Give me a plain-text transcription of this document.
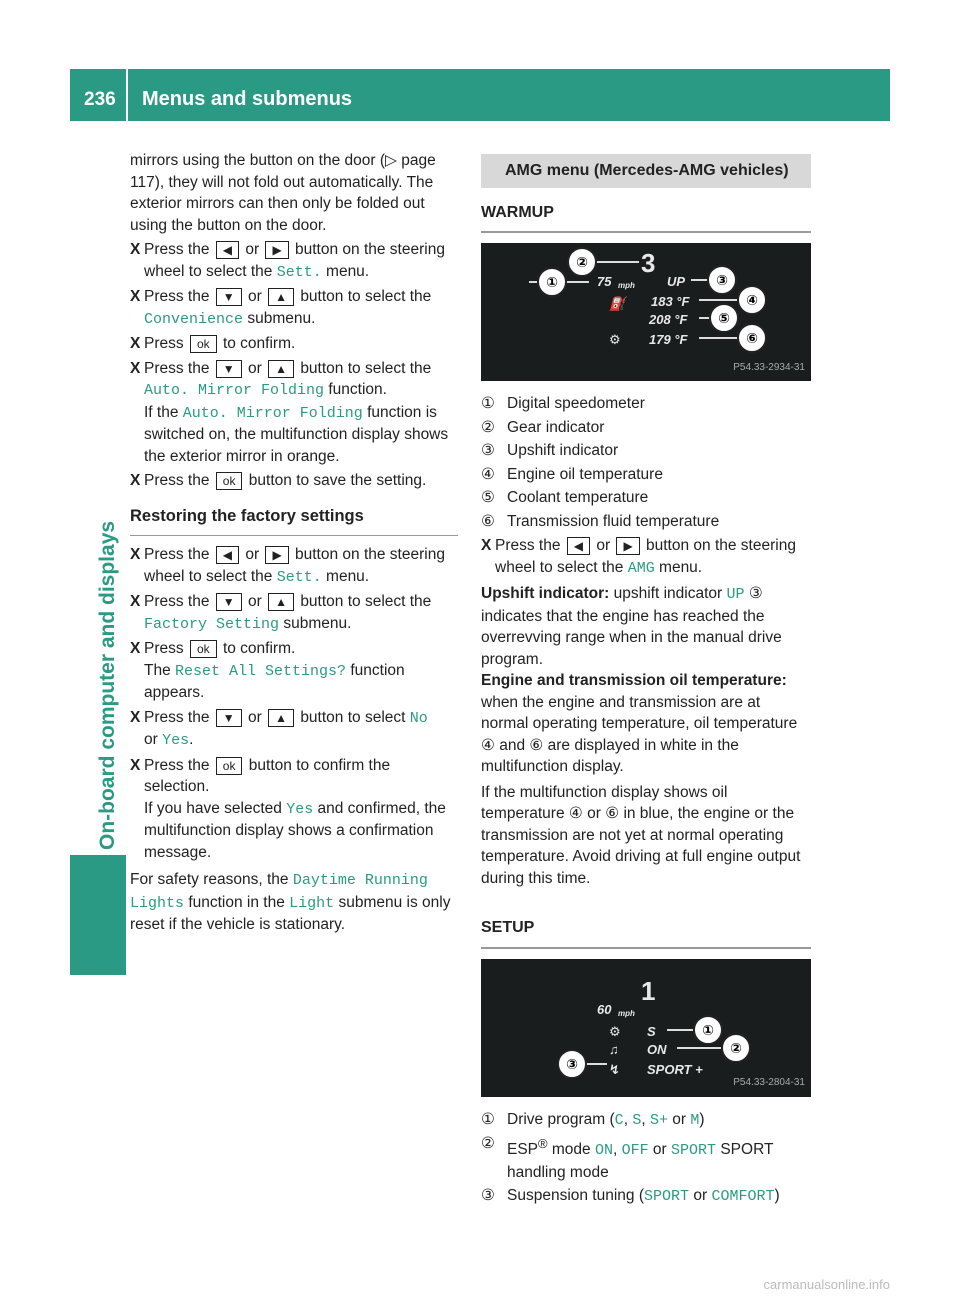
236 Menus and submenus
On-board computer and displays

mirrors using the button on the door (▷ page 117), they will not fold out automatically. The exterior mirrors can then only be folded out using the button on the door.

X Press the ◀ or ▶ button on the steering wheel to select the Sett. menu.
X Press the ▼ or ▲ button to select the Convenience submenu.
X Press ok to confirm.
X Press the ▼ or ▲ button to select the Auto. Mirror Folding function.
If the Auto. Mirror Folding function is switched on, the multifunction display shows the exterior mirror in orange.
X Press the ok button to save the setting.
Restoring the factory settings
X Press the ◀ or ▶ button on the steering wheel to select the Sett. menu.
X Press the ▼ or ▲ button to select the Factory Setting submenu.
X Press ok to confirm.
The Reset All Settings? function appears.
X Press the ▼ or ▲ button to select No
or Yes.
X Press the ok button to confirm the selection.
If you have selected Yes and confirmed, the multifunction display shows a confirmation message.

For safety reasons, the Daytime Running Lights function in the Light submenu is only reset if the vehicle is stationary.

AMG menu (Mercedes-AMG vehicles)
WARMUP
75 mph
3
UP
183 °F
208 °F
179 °F
⛽
⚙
①
②
③
④
⑤
⑥
P54.33-2934-31
① Digital speedometer
② Gear indicator
③ Upshift indicator
④ Engine oil temperature
⑤ Coolant temperature
⑥ Transmission fluid temperature
X Press the ◀ or ▶ button on the steering wheel to select the AMG menu.

Upshift indicator: upshift indicator UP ③ indicates that the engine has reached the overrevving range when in the manual drive program.

Engine and transmission oil temperature: when the engine and transmission are at normal operating temperature, oil temperature ④ and ⑥ are displayed in white in the multifunction display.

If the multifunction display shows oil temperature ④ or ⑥ in blue, the engine or the transmission are not yet at normal operating temperature. Avoid driving at full engine output during this time.

SETUP
60 mph
1
S
ON
SPORT +
⚙
♫
↯
①
②
③
P54.33-2804-31
① Drive program (C, S, S+ or M)
② ESP® mode ON, OFF or SPORT SPORT handling mode
③ Suspension tuning (SPORT or COMFORT)
carmanualsonline.info
